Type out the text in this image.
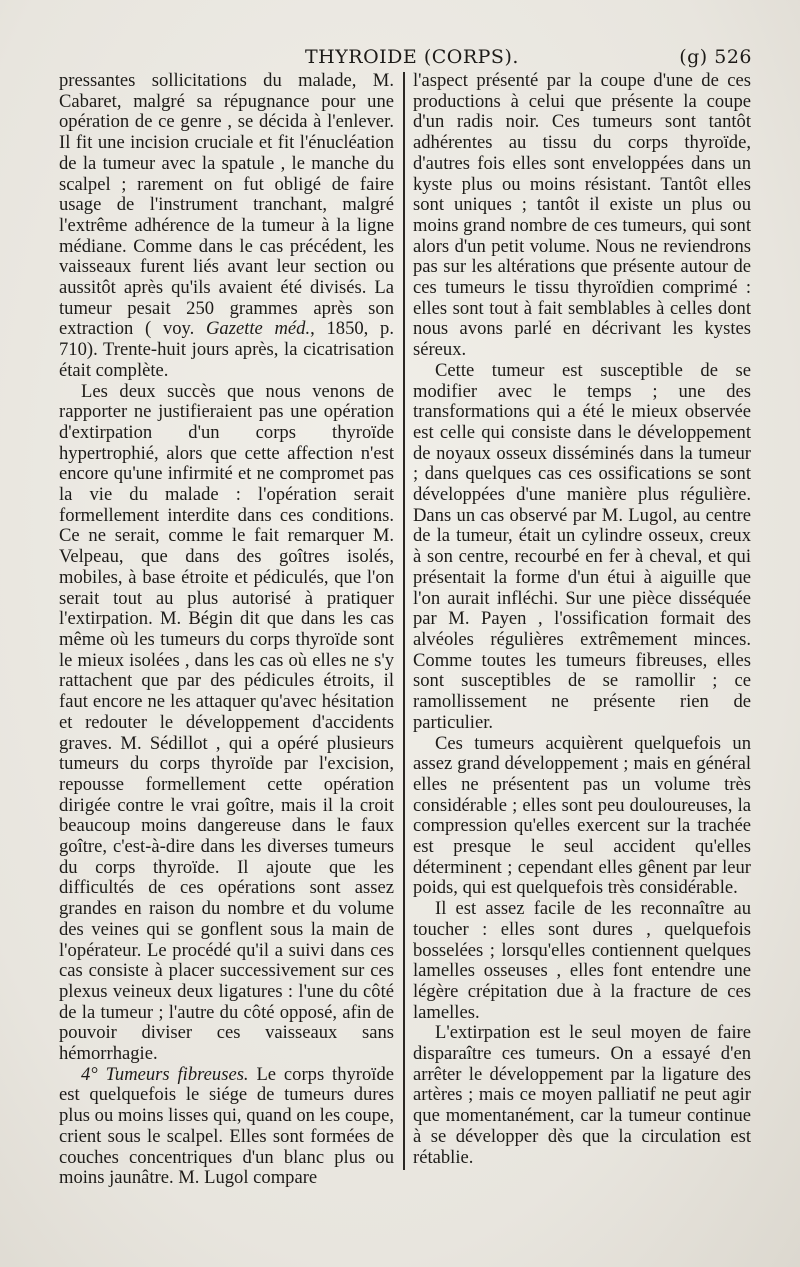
THYROIDE (CORPS).	(g) 526

pressantes sollicitations du malade, M. Cabaret, malgré sa répugnance pour une opération de ce genre , se décida à l'enlever. Il fit une incision cruciale et fit l'énucléation de la tumeur avec la spatule , le manche du scalpel ; rarement on fut obligé de faire usage de l'instrument tranchant, malgré l'extrême adhérence de la tumeur à la ligne médiane. Comme dans le cas précédent, les vaisseaux furent liés avant leur section ou aussitôt après qu'ils avaient été divisés. La tumeur pesait 250 grammes après son extraction ( voy. Gazette méd., 1850, p. 710). Trente-huit jours après, la cicatrisation était complète.

Les deux succès que nous venons de rapporter ne justifieraient pas une opération d'extirpation d'un corps thyroïde hypertrophié, alors que cette affection n'est encore qu'une infirmité et ne compromet pas la vie du malade : l'opération serait formellement interdite dans ces conditions. Ce ne serait, comme le fait remarquer M. Velpeau, que dans des goîtres isolés, mobiles, à base étroite et pédiculés, que l'on serait tout au plus autorisé à pratiquer l'extirpation. M. Bégin dit que dans les cas même où les tumeurs du corps thyroïde sont le mieux isolées , dans les cas où elles ne s'y rattachent que par des pédicules étroits, il faut encore ne les attaquer qu'avec hésitation et redouter le développement d'accidents graves. M. Sédillot , qui a opéré plusieurs tumeurs du corps thyroïde par l'excision, repousse formellement cette opération dirigée contre le vrai goître, mais il la croit beaucoup moins dangereuse dans le faux goître, c'est-à-dire dans les diverses tumeurs du corps thyroïde. Il ajoute que les difficultés de ces opérations sont assez grandes en raison du nombre et du volume des veines qui se gonflent sous la main de l'opérateur. Le procédé qu'il a suivi dans ces cas consiste à placer successivement sur ces plexus veineux deux ligatures : l'une du côté de la tumeur ; l'autre du côté opposé, afin de pouvoir diviser ces vaisseaux sans hémorrhagie.

4° Tumeurs fibreuses. Le corps thyroïde est quelquefois le siége de tumeurs dures plus ou moins lisses qui, quand on les coupe, crient sous le scalpel. Elles sont formées de couches concentriques d'un blanc plus ou moins jaunâtre. M. Lugol compare

l'aspect présenté par la coupe d'une de ces productions à celui que présente la coupe d'un radis noir. Ces tumeurs sont tantôt adhérentes au tissu du corps thyroïde, d'autres fois elles sont enveloppées dans un kyste plus ou moins résistant. Tantôt elles sont uniques ; tantôt il existe un plus ou moins grand nombre de ces tumeurs, qui sont alors d'un petit volume. Nous ne reviendrons pas sur les altérations que présente autour de ces tumeurs le tissu thyroïdien comprimé : elles sont tout à fait semblables à celles dont nous avons parlé en décrivant les kystes séreux.

Cette tumeur est susceptible de se modifier avec le temps ; une des transformations qui a été le mieux observée est celle qui consiste dans le développement de noyaux osseux disséminés dans la tumeur ; dans quelques cas ces ossifications se sont développées d'une manière plus régulière. Dans un cas observé par M. Lugol, au centre de la tumeur, était un cylindre osseux, creux à son centre, recourbé en fer à cheval, et qui présentait la forme d'un étui à aiguille que l'on aurait infléchi. Sur une pièce disséquée par M. Payen , l'ossification formait des alvéoles régulières extrêmement minces. Comme toutes les tumeurs fibreuses, elles sont susceptibles de se ramollir ; ce ramollissement ne présente rien de particulier.

Ces tumeurs acquièrent quelquefois un assez grand développement ; mais en général elles ne présentent pas un volume très considérable ; elles sont peu douloureuses, la compression qu'elles exercent sur la trachée est presque le seul accident qu'elles déterminent ; cependant elles gênent par leur poids, qui est quelquefois très considérable.

Il est assez facile de les reconnaître au toucher : elles sont dures , quelquefois bosselées ; lorsqu'elles contiennent quelques lamelles osseuses , elles font entendre une légère crépitation due à la fracture de ces lamelles.

L'extirpation est le seul moyen de faire disparaître ces tumeurs. On a essayé d'en arrêter le développement par la ligature des artères ; mais ce moyen palliatif ne peut agir que momentanément, car la tumeur continue à se développer dès que la circulation est rétablie.
